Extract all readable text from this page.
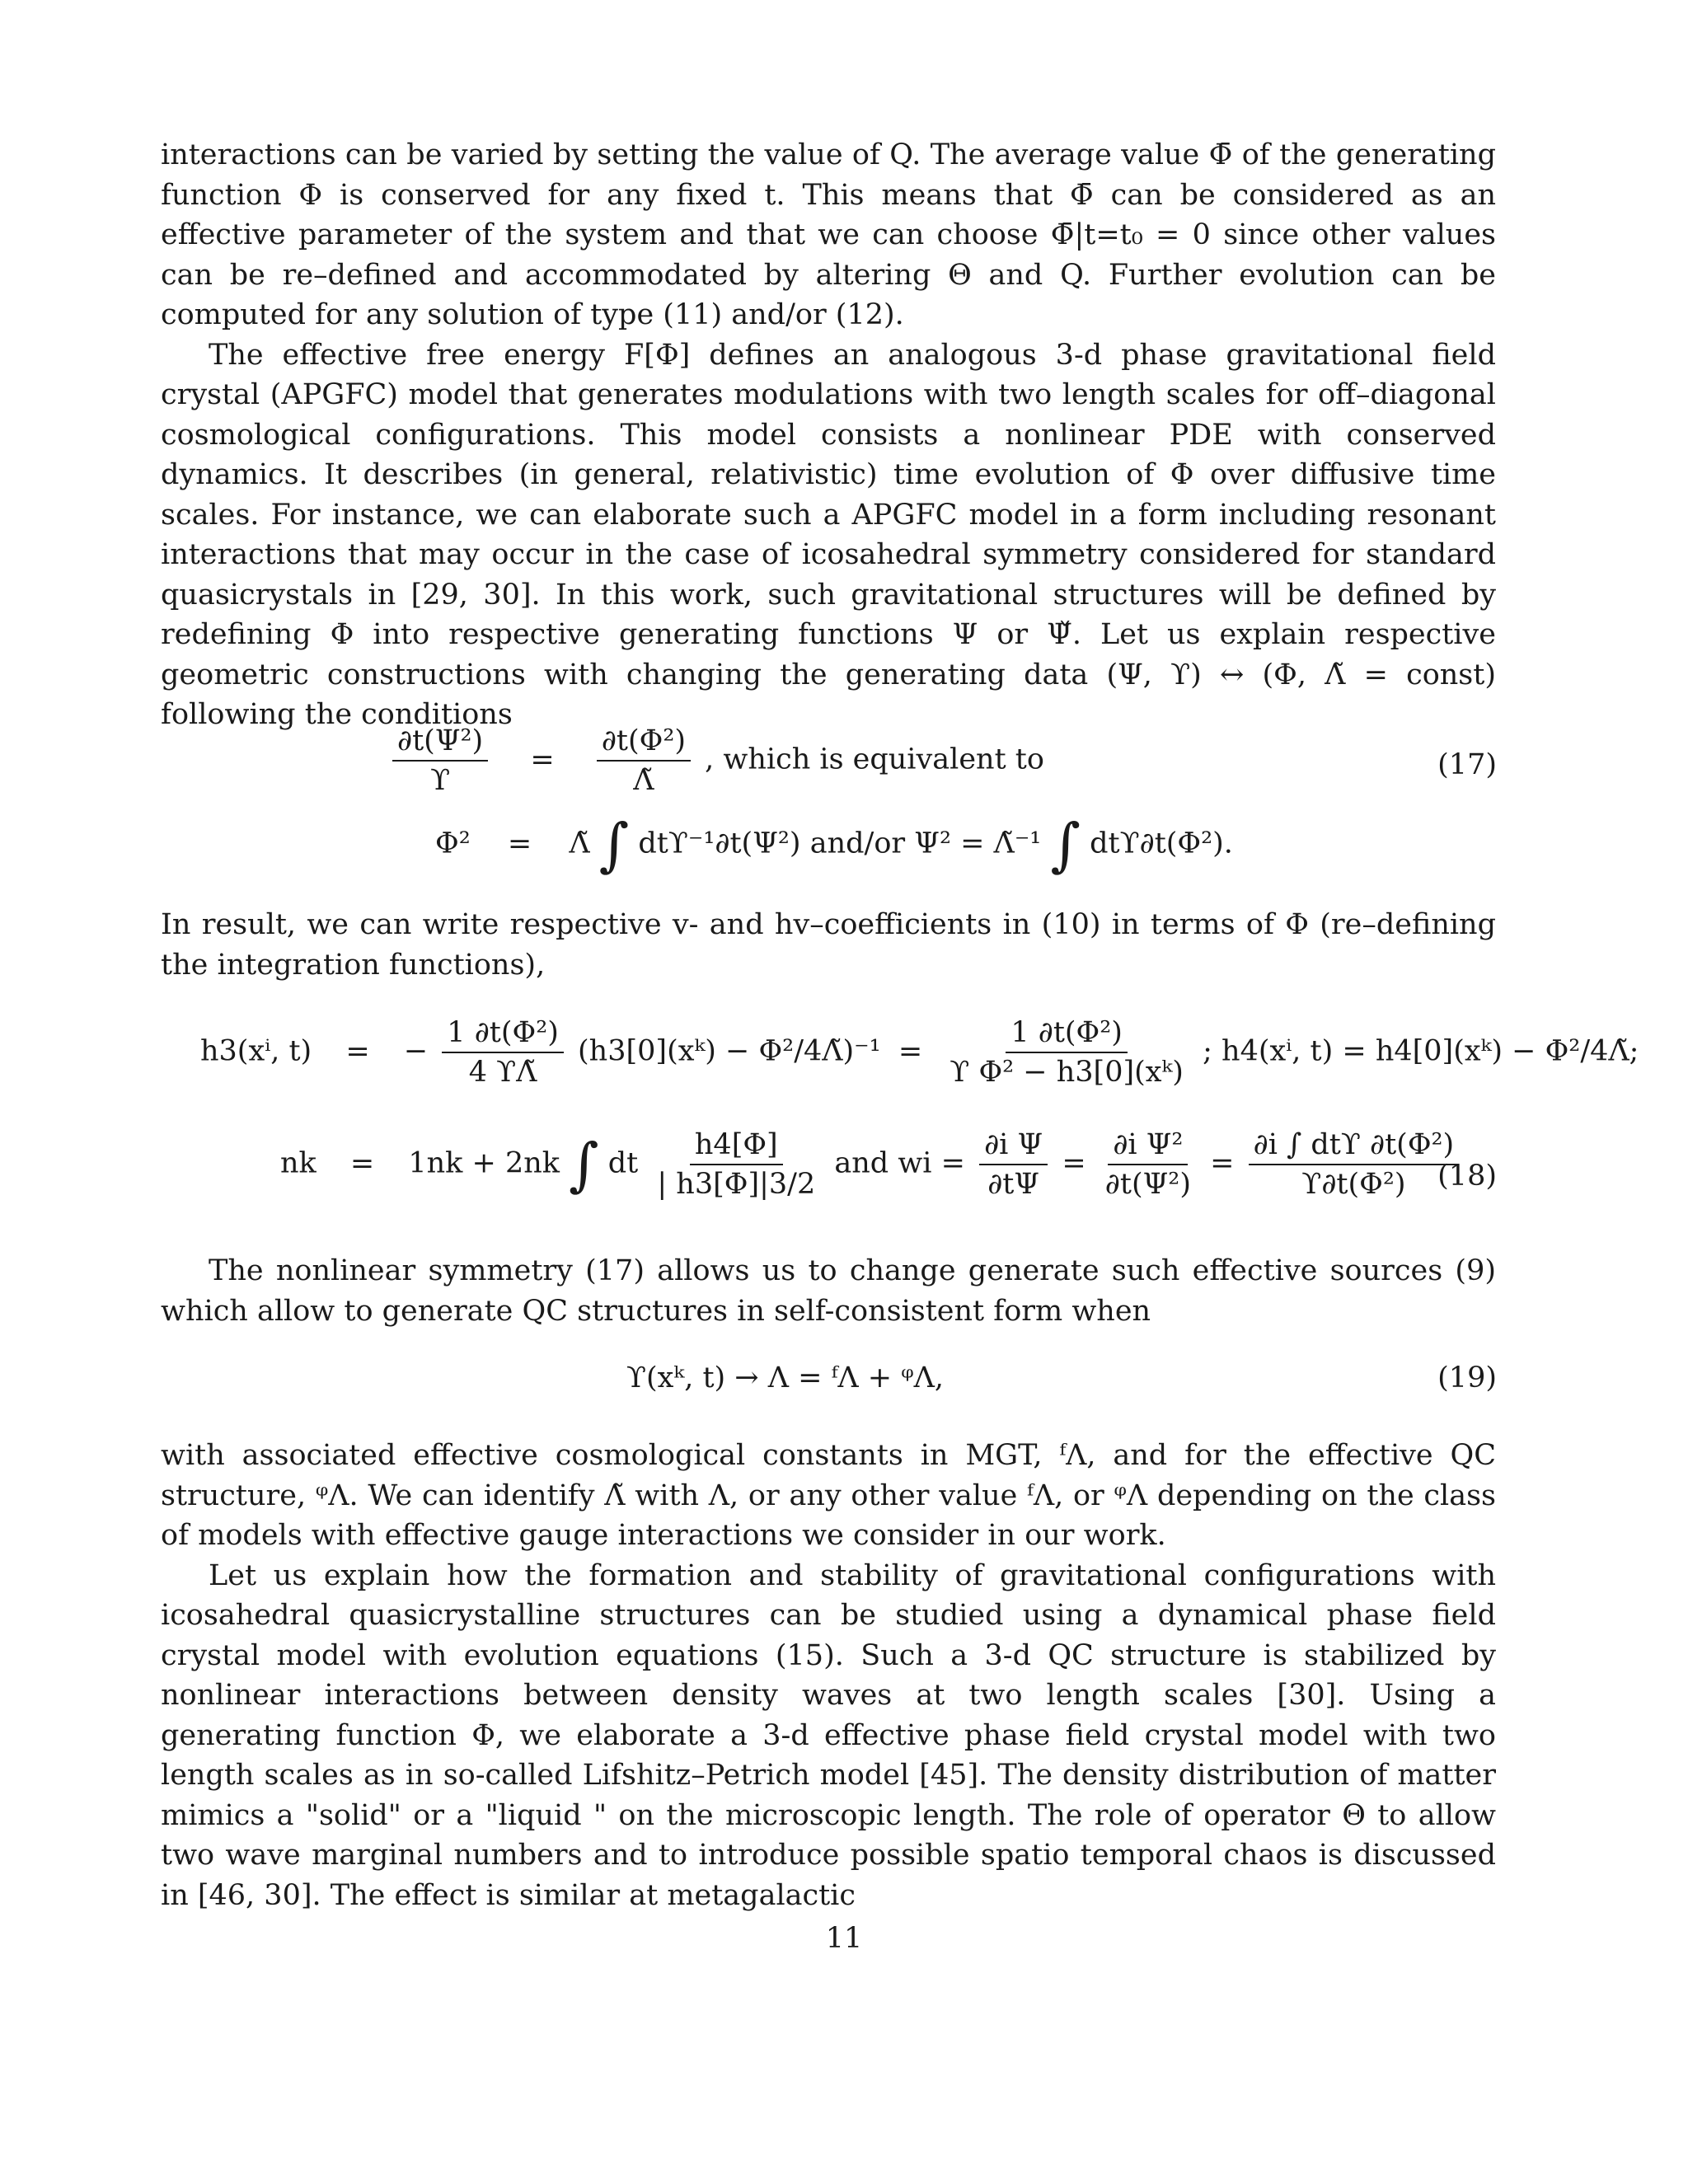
interactions can be varied by setting the value of Q. The average value Φ̄ of the generating function Φ is conserved for any fixed t. This means that Φ̄ can be considered as an effective parameter of the system and that we can choose Φ̄|t=t₀ = 0 since other values can be re–defined and accommodated by altering Θ and Q. Further evolution can be computed for any solution of type (11) and/or (12).

The effective free energy F[Φ] defines an analogous 3-d phase gravitational field crystal (APGFC) model that generates modulations with two length scales for off–diagonal cosmological configurations. This model consists a nonlinear PDE with conserved dynamics. It describes (in general, relativistic) time evolution of Φ over diffusive time scales. For instance, we can elaborate such a APGFC model in a form including resonant interactions that may occur in the case of icosahedral symmetry considered for standard quasicrystals in [29, 30]. In this work, such gravitational structures will be defined by redefining Φ into respective generating functions Ψ or Ψ̌. Let us explain respective geometric constructions with changing the generating data (Ψ, ϒ) ↔ (Φ, Λ̃ = const) following the conditions

$\frac{\text{∂t(Ψ²)}}{ϒ} = \frac{\text{∂t(Φ²)}}{\Lambdã}$ , which is equivalent to	(17)
Φ² = Λ̃ ∫ dtϒ⁻¹∂t(Ψ²) and/or Ψ² = Λ̃⁻¹ ∫ dtϒ∂t(Φ²).

In result, we can write respective v- and hv–coefficients in (10) in terms of Φ (re–defining the integration functions),

h3(xⁱ, t) = − $\frac{\text{1 ∂t(Φ²)}}{4 ϒ\Lambdã}$ (h3[0](xᵏ) − Φ²/4Λ̃)⁻¹ = $\frac{\text{1 ∂t(Φ²)}}{\text{ϒ Φ² − h3[0](xᵏ)}}$ ; h4(xⁱ, t) = h4[0](xᵏ) − Φ²/4Λ̃;
nk = 1nk + 2nk ∫ dt $\frac{h4[\Phi]}{| h3[\Phi]|3/2}$ and wi = $\frac{\text{∂i Ψ}}{\partial t\Psi} = \frac{\text{∂i Ψ²}}{\text{∂t(Ψ²)}} = \frac{\text{∂i ∫ dtϒ ∂t(Φ²)}}{\text{ϒ∂t(Φ²)}}$
(18)

The nonlinear symmetry (17) allows us to change generate such effective sources (9) which allow to generate QC structures in self-consistent form when

ϒ(xᵏ, t) → Λ = ᶠΛ + ᵠΛ,	(19)

with associated effective cosmological constants in MGT, ᶠΛ, and for the effective QC structure, ᵠΛ. We can identify Λ̃ with Λ, or any other value ᶠΛ, or ᵠΛ depending on the class of models with effective gauge interactions we consider in our work.

Let us explain how the formation and stability of gravitational configurations with icosahedral quasicrystalline structures can be studied using a dynamical phase field crystal model with evolution equations (15). Such a 3-d QC structure is stabilized by nonlinear interactions between density waves at two length scales [30]. Using a generating function Φ, we elaborate a 3-d effective phase field crystal model with two length scales as in so-called Lifshitz–Petrich model [45]. The density distribution of matter mimics a "solid" or a "liquid " on the microscopic length. The role of operator Θ to allow two wave marginal numbers and to introduce possible spatio temporal chaos is discussed in [46, 30]. The effect is similar at metagalactic

11
